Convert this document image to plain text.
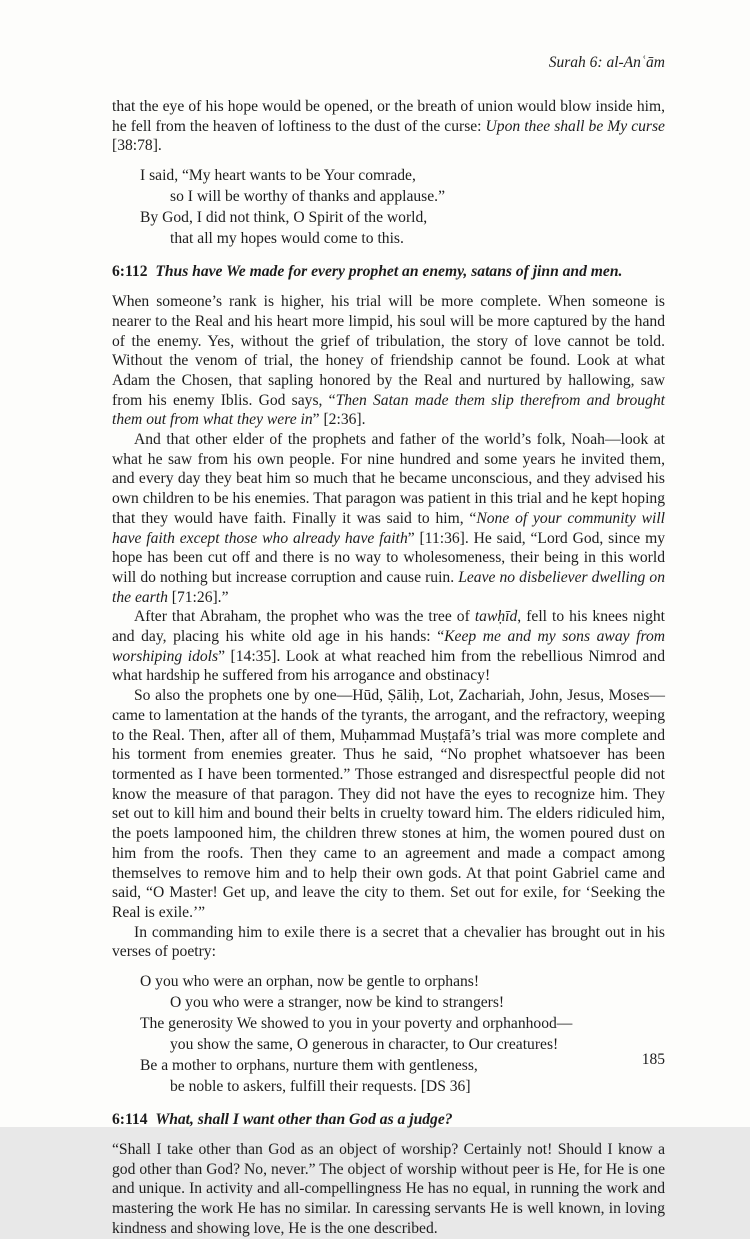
Surah 6: al-Anʿām

that the eye of his hope would be opened, or the breath of union would blow inside him, he fell from the heaven of loftiness to the dust of the curse: Upon thee shall be My curse [38:78].

I said, “My heart wants to be Your comrade,
so I will be worthy of thanks and applause.”
By God, I did not think, O Spirit of the world,
that all my hopes would come to this.

6:112 Thus have We made for every prophet an enemy, satans of jinn and men.

When someone’s rank is higher, his trial will be more complete. When someone is nearer to the Real and his heart more limpid, his soul will be more captured by the hand of the enemy. Yes, without the grief of tribulation, the story of love cannot be told. Without the venom of trial, the honey of friendship cannot be found. Look at what Adam the Chosen, that sapling honored by the Real and nurtured by hallowing, saw from his enemy Iblis. God says, “Then Satan made them slip therefrom and brought them out from what they were in” [2:36].

And that other elder of the prophets and father of the world’s folk, Noah—look at what he saw from his own people. For nine hundred and some years he invited them, and every day they beat him so much that he became unconscious, and they advised his own children to be his enemies. That paragon was patient in this trial and he kept hoping that they would have faith. Finally it was said to him, “None of your community will have faith except those who already have faith” [11:36]. He said, “Lord God, since my hope has been cut off and there is no way to wholesomeness, their being in this world will do nothing but increase corruption and cause ruin. Leave no disbeliever dwelling on the earth [71:26].”

After that Abraham, the prophet who was the tree of tawḥīd, fell to his knees night and day, placing his white old age in his hands: “Keep me and my sons away from worshiping idols” [14:35]. Look at what reached him from the rebellious Nimrod and what hardship he suffered from his arrogance and obstinacy!

So also the prophets one by one—Hūd, Ṣāliḥ, Lot, Zachariah, John, Jesus, Moses—came to lamentation at the hands of the tyrants, the arrogant, and the refractory, weeping to the Real. Then, after all of them, Muḥammad Muṣṭafā’s trial was more complete and his torment from enemies greater. Thus he said, “No prophet whatsoever has been tormented as I have been tormented.” Those estranged and disrespectful people did not know the measure of that paragon. They did not have the eyes to recognize him. They set out to kill him and bound their belts in cruelty toward him. The elders ridiculed him, the poets lampooned him, the children threw stones at him, the women poured dust on him from the roofs. Then they came to an agreement and made a compact among themselves to remove him and to help their own gods. At that point Gabriel came and said, “O Master! Get up, and leave the city to them. Set out for exile, for ‘Seeking the Real is exile.’”

In commanding him to exile there is a secret that a chevalier has brought out in his verses of poetry:

O you who were an orphan, now be gentle to orphans!
O you who were a stranger, now be kind to strangers!
The generosity We showed to you in your poverty and orphanhood—
you show the same, O generous in character, to Our creatures!
Be a mother to orphans, nurture them with gentleness,
be noble to askers, fulfill their requests. [DS 36]

6:114 What, shall I want other than God as a judge?

“Shall I take other than God as an object of worship? Certainly not! Should I know a god other than God? No, never.” The object of worship without peer is He, for He is one and unique. In activity and all-compellingness He has no equal, in running the work and mastering the work He has no similar. In caressing servants He is well known, in loving kindness and showing love, He is the one described.

185
